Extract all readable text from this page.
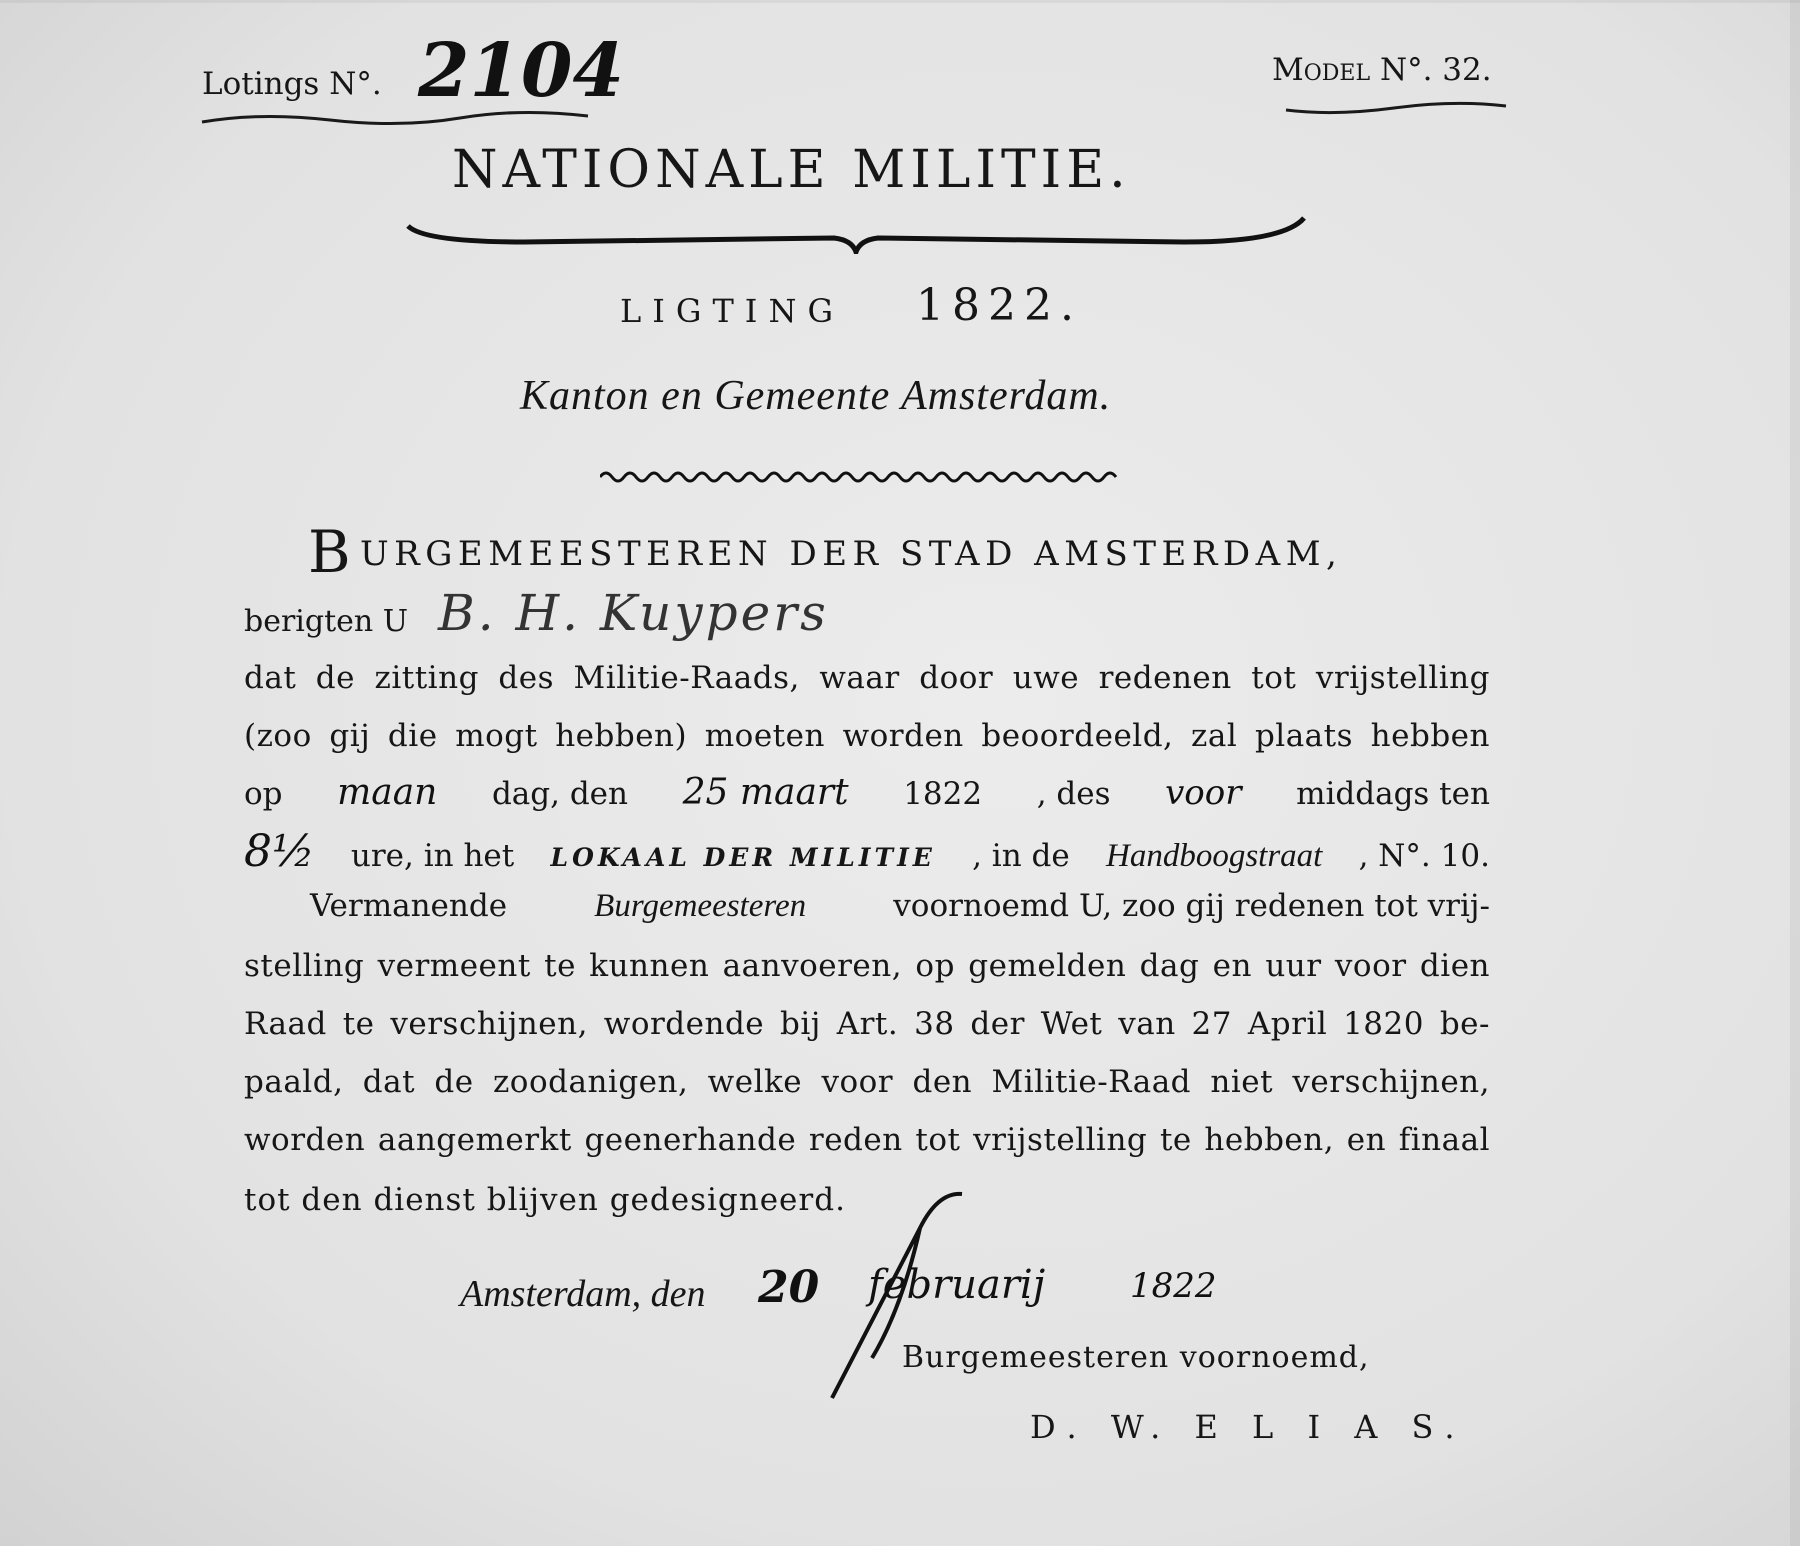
Lotings N°. 2104	Model N°. 32.
NATIONALE MILITIE.
LIGTING 1822.
Kanton en Gemeente Amsterdam.
B URGEMEESTEREN DER STAD AMSTERDAM,
berigten U B. H. Kuypers
dat de zitting des Militie-Raads, waar door uwe redenen tot vrijstelling
(zoo gij die mogt hebben) moeten worden beoordeeld, zal plaats hebben
op maan dag, den 25 maart 1822 , des voor middags ten
8½ ure, in het LOKAAL DER MILITIE , in de Handboogstraat , N°. 10.
Vermanende	Burgemeesteren	voornoemd U, zoo gij redenen tot vrij-
stelling vermeent te kunnen aanvoeren, op gemelden dag en uur voor dien
Raad te verschijnen, wordende bij Art. 38 der Wet van 27 April 1820 be-
paald, dat de zoodanigen, welke voor den Militie-Raad niet verschijnen,
worden aangemerkt geenerhande reden tot vrijstelling te hebben, en finaal
tot den dienst blijven gedesigneerd.
Amsterdam, den 20 februarij 1822
Burgemeesteren voornoemd,
D. W. E L I A S.
